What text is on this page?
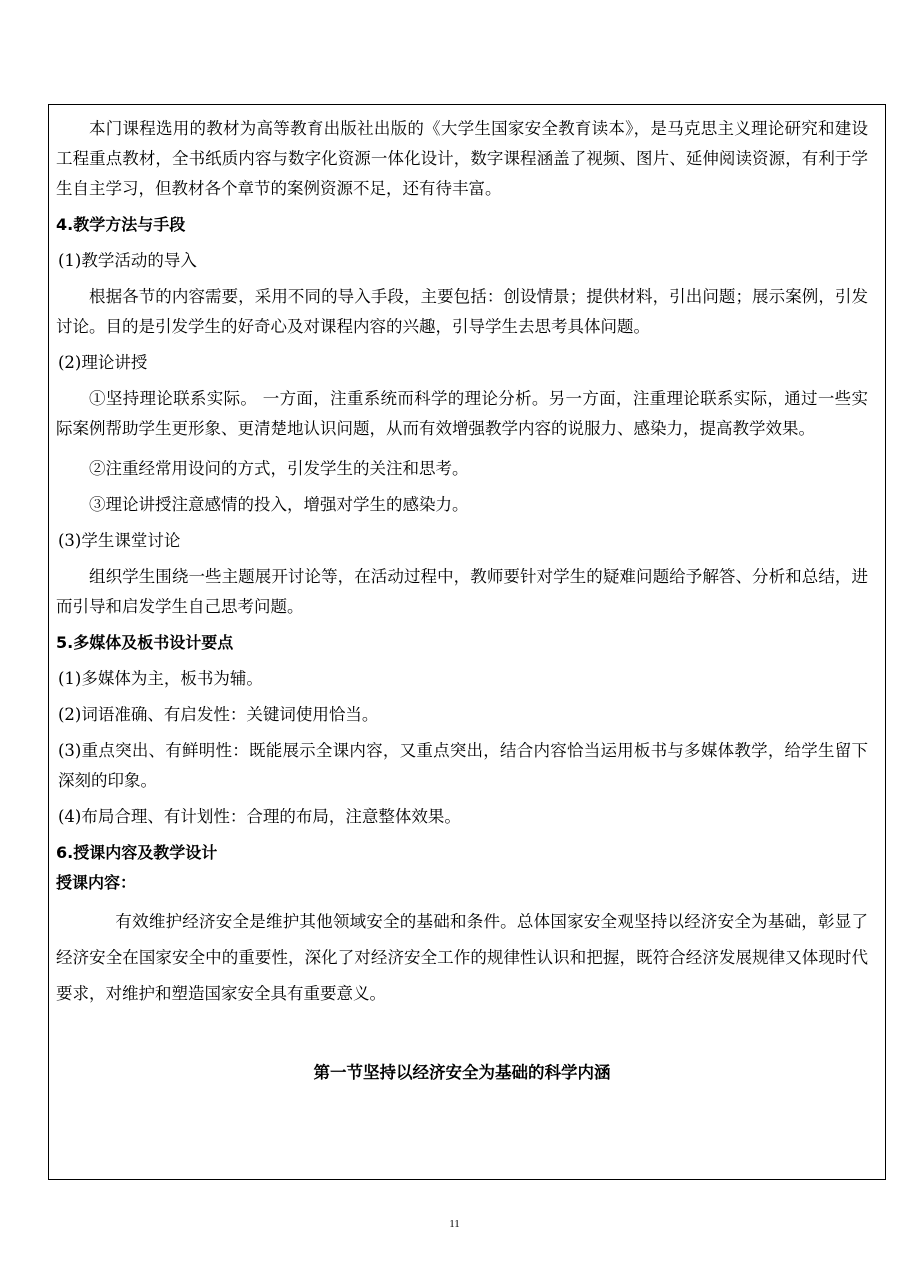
本门课程选用的教材为高等教育出版社出版的《大学生国家安全教育读本》，是马克思主义理论研究和建设工程重点教材，全书纸质内容与数字化资源一体化设计，数字课程涵盖了视频、图片、延伸阅读资源，有利于学生自主学习，但教材各个章节的案例资源不足，还有待丰富。

4.教学方法与手段

(1)教学活动的导入

根据各节的内容需要，采用不同的导入手段，主要包括：创设情景；提供材料，引出问题；展示案例，引发讨论。目的是引发学生的好奇心及对课程内容的兴趣，引导学生去思考具体问题。

(2)理论讲授

①坚持理论联系实际。 一方面，注重系统而科学的理论分析。另一方面，注重理论联系实际，通过一些实际案例帮助学生更形象、更清楚地认识问题，从而有效增强教学内容的说服力、感染力，提高教学效果。

②注重经常用设问的方式，引发学生的关注和思考。

③理论讲授注意感情的投入，增强对学生的感染力。

(3)学生课堂讨论

组织学生围绕一些主题展开讨论等，在活动过程中，教师要针对学生的疑难问题给予解答、分析和总结，进而引导和启发学生自己思考问题。

5.多媒体及板书设计要点

(1)多媒体为主，板书为辅。

(2)词语准确、有启发性：关键词使用恰当。

(3)重点突出、有鲜明性：既能展示全课内容，又重点突出，结合内容恰当运用板书与多媒体教学，给学生留下深刻的印象。

(4)布局合理、有计划性：合理的布局，注意整体效果。

6.授课内容及教学设计

授课内容：

有效维护经济安全是维护其他领域安全的基础和条件。总体国家安全观坚持以经济安全为基础，彰显了经济安全在国家安全中的重要性，深化了对经济安全工作的规律性认识和把握，既符合经济发展规律又体现时代要求，对维护和塑造国家安全具有重要意义。

第一节坚持以经济安全为基础的科学内涵

11
